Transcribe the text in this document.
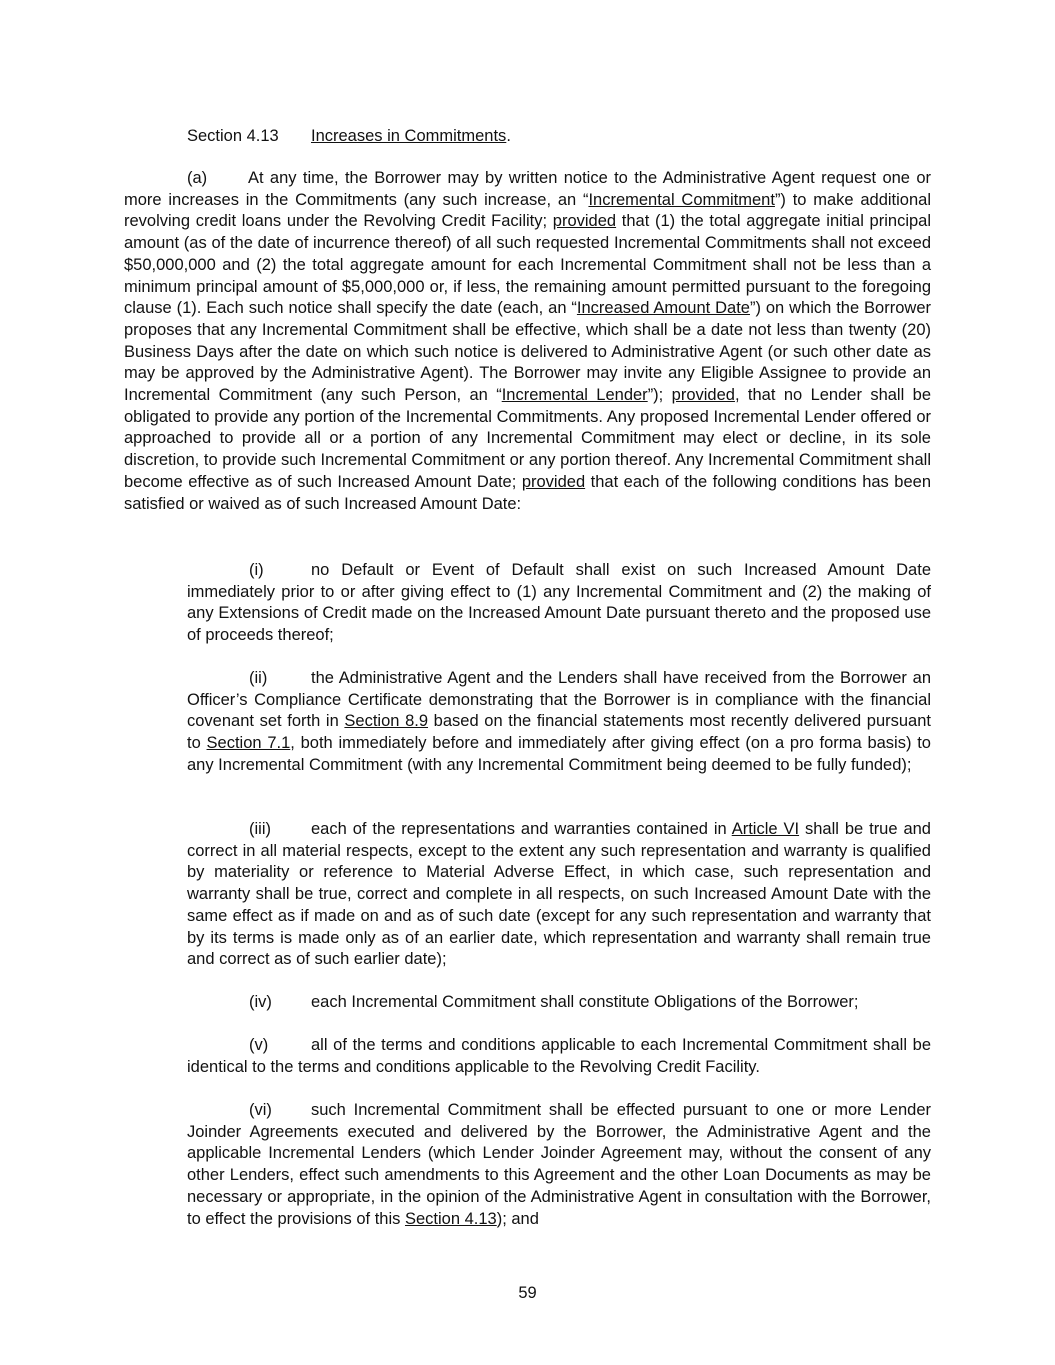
Section 4.13 Increases in Commitments.
(a) At any time, the Borrower may by written notice to the Administrative Agent request one or more increases in the Commitments (any such increase, an “Incremental Commitment”) to make additional revolving credit loans under the Revolving Credit Facility; provided that (1) the total aggregate initial principal amount (as of the date of incurrence thereof) of all such requested Incremental Commitments shall not exceed $50,000,000 and (2) the total aggregate amount for each Incremental Commitment shall not be less than a minimum principal amount of $5,000,000 or, if less, the remaining amount permitted pursuant to the foregoing clause (1). Each such notice shall specify the date (each, an “Increased Amount Date”) on which the Borrower proposes that any Incremental Commitment shall be effective, which shall be a date not less than twenty (20) Business Days after the date on which such notice is delivered to Administrative Agent (or such other date as may be approved by the Administrative Agent). The Borrower may invite any Eligible Assignee to provide an Incremental Commitment (any such Person, an “Incremental Lender”); provided, that no Lender shall be obligated to provide any portion of the Incremental Commitments. Any proposed Incremental Lender offered or approached to provide all or a portion of any Incremental Commitment may elect or decline, in its sole discretion, to provide such Incremental Commitment or any portion thereof. Any Incremental Commitment shall become effective as of such Increased Amount Date; provided that each of the following conditions has been satisfied or waived as of such Increased Amount Date:
(i)	no Default or Event of Default shall exist on such Increased Amount Date immediately prior to or after giving effect to (1) any Incremental Commitment and (2) the making of any Extensions of Credit made on the Increased Amount Date pursuant thereto and the proposed use of proceeds thereof;
(ii)	the Administrative Agent and the Lenders shall have received from the Borrower an Officer’s Compliance Certificate demonstrating that the Borrower is in compliance with the financial covenant set forth in Section 8.9 based on the financial statements most recently delivered pursuant to Section 7.1, both immediately before and immediately after giving effect (on a pro forma basis) to any Incremental Commitment (with any Incremental Commitment being deemed to be fully funded);
(iii) each of the representations and warranties contained in Article VI shall be true and correct in all material respects, except to the extent any such representation and warranty is qualified by materiality or reference to Material Adverse Effect, in which case, such representation and warranty shall be true, correct and complete in all respects, on such Increased Amount Date with the same effect as if made on and as of such date (except for any such representation and warranty that by its terms is made only as of an earlier date, which representation and warranty shall remain true and correct as of such earlier date);
(iv) each Incremental Commitment shall constitute Obligations of the Borrower;
(v)	all of the terms and conditions applicable to each Incremental Commitment shall be identical to the terms and conditions applicable to the Revolving Credit Facility.
(vi) such Incremental Commitment shall be effected pursuant to one or more Lender Joinder Agreements executed and delivered by the Borrower, the Administrative Agent and the applicable Incremental Lenders (which Lender Joinder Agreement may, without the consent of any other Lenders, effect such amendments to this Agreement and the other Loan Documents as may be necessary or appropriate, in the opinion of the Administrative Agent in consultation with the Borrower, to effect the provisions of this Section 4.13); and
59
